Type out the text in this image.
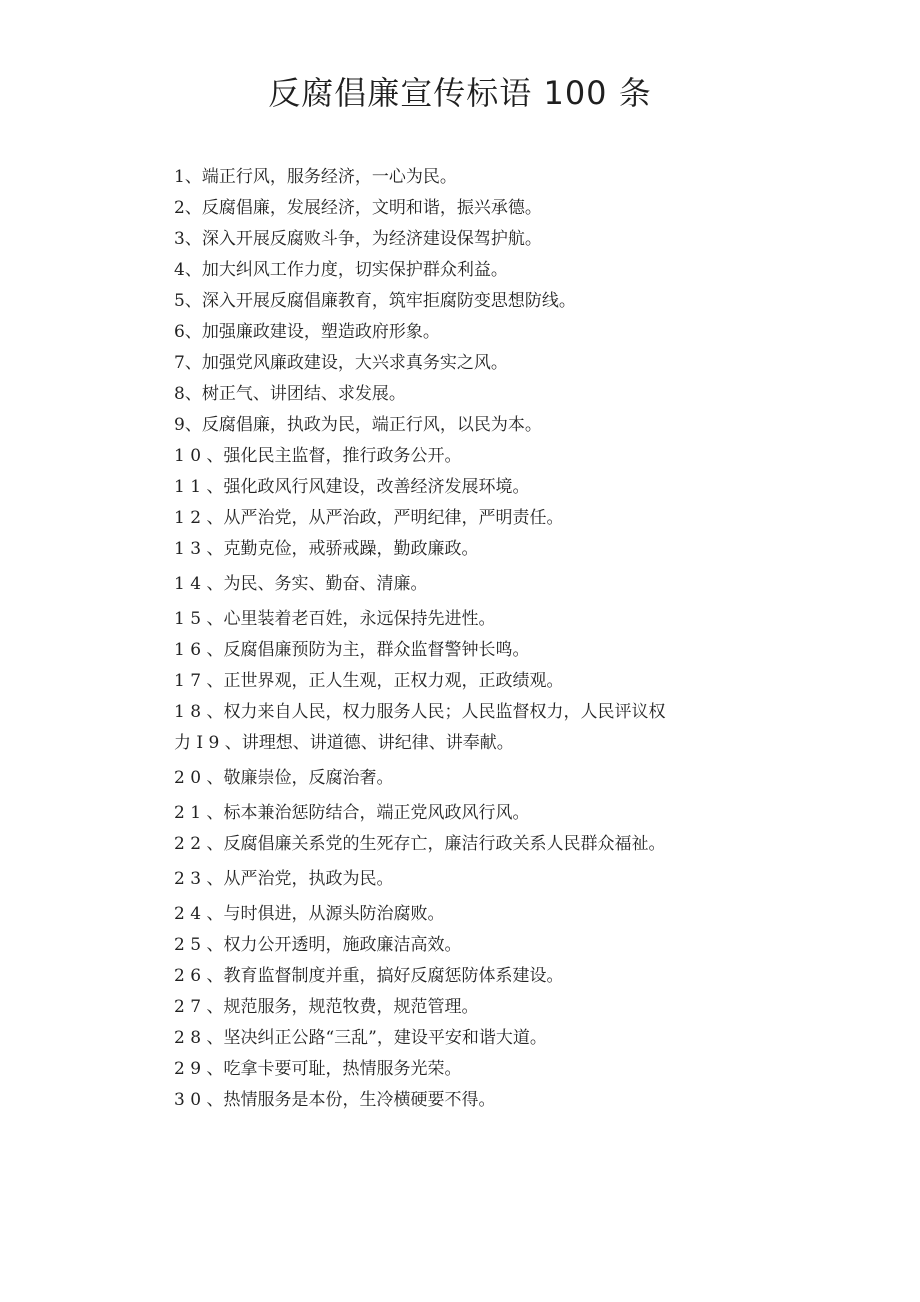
反腐倡廉宣传标语 100 条
1、端正行风，服务经济，一心为民。
2、反腐倡廉，发展经济，文明和谐，振兴承德。
3、深入开展反腐败斗争，为经济建设保驾护航。
4、加大纠风工作力度，切实保护群众利益。
5、深入开展反腐倡廉教育，筑牢拒腐防变思想防线。
6、加强廉政建设，塑造政府形象。
7、加强党风廉政建设，大兴求真务实之风。
8、树正气、讲团结、求发展。
9、反腐倡廉，执政为民，端正行风，以民为本。
1 0 、强化民主监督，推行政务公开。
1 1 、强化政风行风建设，改善经济发展环境。
1 2 、从严治党，从严治政，严明纪律，严明责任。
1 3 、克勤克俭，戒骄戒躁，勤政廉政。
1 4 、为民、务实、勤奋、清廉。
1 5 、心里装着老百姓，永远保持先进性。
1 6 、反腐倡廉预防为主，群众监督警钟长鸣。
1 7 、正世界观，正人生观，正权力观，正政绩观。
1 8 、权力来自人民，权力服务人民；人民监督权力，人民评议权
力 I 9 、讲理想、讲道德、讲纪律、讲奉献。
2 0 、敬廉崇俭，反腐治奢。
2 1 、标本兼治惩防结合，端正党风政风行风。
2 2 、反腐倡廉关系党的生死存亡，廉洁行政关系人民群众福祉。
2 3 、从严治党，执政为民。
2 4 、与时俱进，从源头防治腐败。
2 5 、权力公开透明，施政廉洁高效。
2 6 、教育监督制度并重，搞好反腐惩防体系建设。
2 7 、规范服务，规范牧费，规范管理。
2 8 、坚决纠正公路“三乱”，建设平安和谐大道。
2 9 、吃拿卡要可耻，热情服务光荣。
3 0 、热情服务是本份，生冷横硬要不得。
